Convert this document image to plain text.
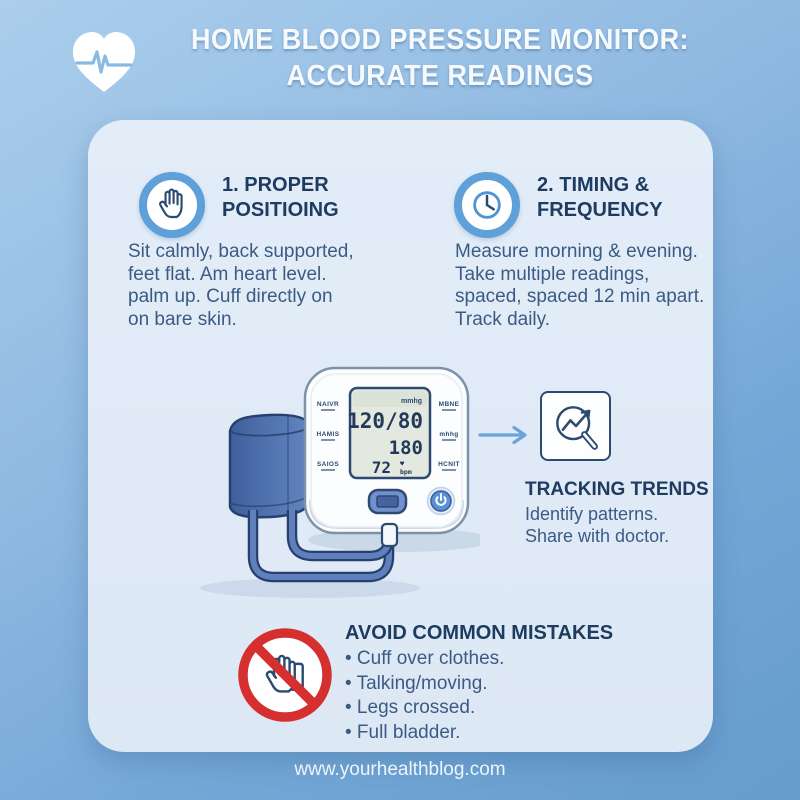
HOME BLOOD PRESSURE MONITOR:
ACCURATE READINGS
1. PROPER
POSITIOING
Sit calmly, back supported,
feet flat. Am heart level.
palm up. Cuff directly on
on bare skin.
2. TIMING &
FREQUENCY
Measure morning & evening.
Take multiple readings,
spaced, spaced 12 min apart.
Track daily.
mmhg
120/80
180
72 ♥
bpm
NAIVR
HAMIS
SAIOS
MBNE
mhhg
HCNIT
TRACKING TRENDS
Identify patterns.
Share with doctor.
AVOID COMMON MISTAKES
• Cuff over clothes.
• Talking/moving.
• Legs crossed.
• Full bladder.
www.yourhealthblog.com
